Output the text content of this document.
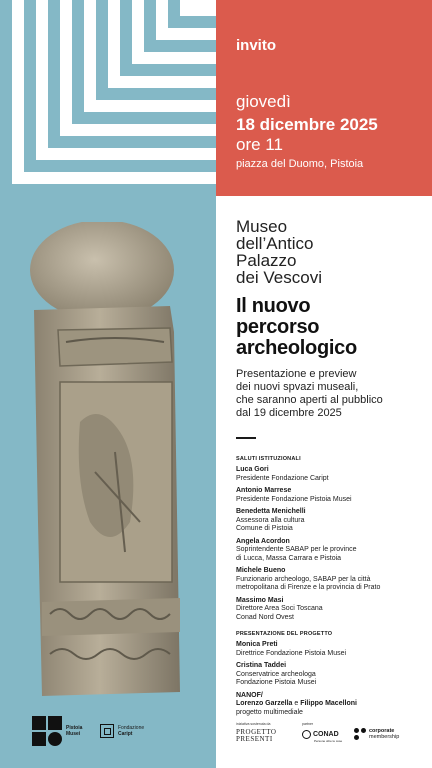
Pistoia Musei
Fondazione
Caript
invito
giovedì
18 dicembre 2025
ore 11
piazza del Duomo, Pistoia
Museo
dell’Antico
Palazzo
dei Vescovi
Il nuovo
percorso
archeologico
Presentazione e preview
dei nuovi spvazi museali,
che saranno aperti al pubblico
dal 19 dicembre 2025
SALUTI ISTITUZIONALI
Luca Gori
Presidente Fondazione Caript
Antonio Marrese
Presidente Fondazione Pistoia Musei
Benedetta Menichelli
Assessora alla cultura
Comune di Pistoia
Angela Acordon
Soprintendente SABAP per le province
di Lucca, Massa Carrara e Pistoia
Michele Bueno
Funzionario archeologo, SABAP per la città
metropolitana di Firenze e la provincia di Prato
Massimo Masi
Direttore Area Soci Toscana
Conad Nord Ovest
PRESENTAZIONE DEL PROGETTO
Monica Preti
Direttrice Fondazione Pistoia Musei
Cristina Taddei
Conservatrice archeologa
Fondazione Pistoia Musei
NANOF/
Lorenzo Garzella e Filippo Macelloni
progetto multimediale
iniziativa sostenuta da	partner
PROGETTO
PRESENTI
CONAD
Persone oltre le cose
corporate
membership
